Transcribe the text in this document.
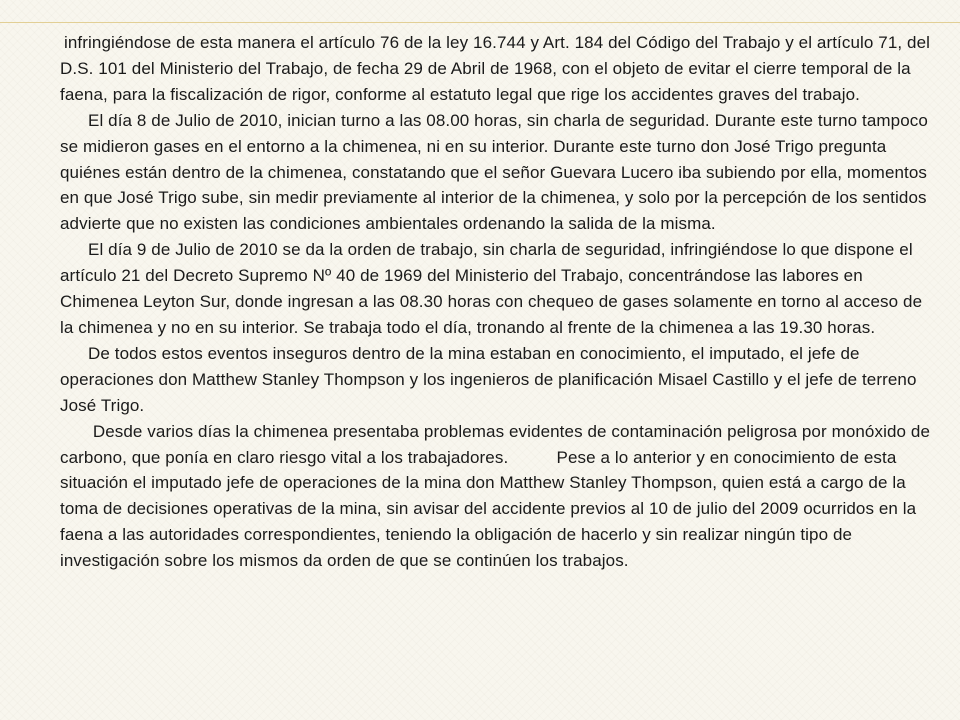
infringiéndose de esta manera el artículo 76 de la ley 16.744 y Art. 184 del Código del Trabajo y el artículo 71, del D.S. 101 del Ministerio del Trabajo, de fecha 29 de Abril de 1968, con el objeto de evitar el cierre temporal de la faena, para la fiscalización de rigor, conforme al estatuto legal que rige los accidentes graves del trabajo.

El día 8 de Julio de 2010, inician turno a las 08.00 horas, sin charla de seguridad. Durante este turno tampoco se midieron gases en el entorno a la chimenea, ni en su interior. Durante este turno don José Trigo pregunta quiénes están dentro de la chimenea, constatando que el señor Guevara Lucero iba subiendo por ella, momentos en que José Trigo sube, sin medir previamente al interior de la chimenea, y solo por la percepción de los sentidos advierte que no existen las condiciones ambientales ordenando la salida de la misma.

El día 9 de Julio de 2010 se da la orden de trabajo, sin charla de seguridad, infringiéndose lo que dispone el artículo 21 del Decreto Supremo Nº 40 de 1969 del Ministerio del Trabajo, concentrándose las labores en Chimenea Leyton Sur, donde ingresan a las 08.30 horas con chequeo de gases solamente en torno al acceso de la chimenea y no en su interior. Se trabaja todo el día, tronando al frente de la chimenea a las 19.30 horas.

De todos estos eventos inseguros dentro de la mina estaban en conocimiento, el imputado, el jefe de operaciones don Matthew Stanley Thompson y los ingenieros de planificación Misael Castillo y el jefe de terreno José Trigo.

Desde varios días la chimenea presentaba problemas evidentes de contaminación peligrosa por monóxido de carbono, que ponía en claro riesgo vital a los trabajadores.          Pese a lo anterior y en conocimiento de esta situación el imputado jefe de operaciones de la mina don Matthew Stanley Thompson, quien está a cargo de la toma de decisiones operativas de la mina, sin avisar del accidente previos al 10 de julio del 2009 ocurridos en la faena a las autoridades correspondientes, teniendo la obligación de hacerlo y sin realizar ningún tipo de investigación sobre los mismos da orden de que se continúen los trabajos.
